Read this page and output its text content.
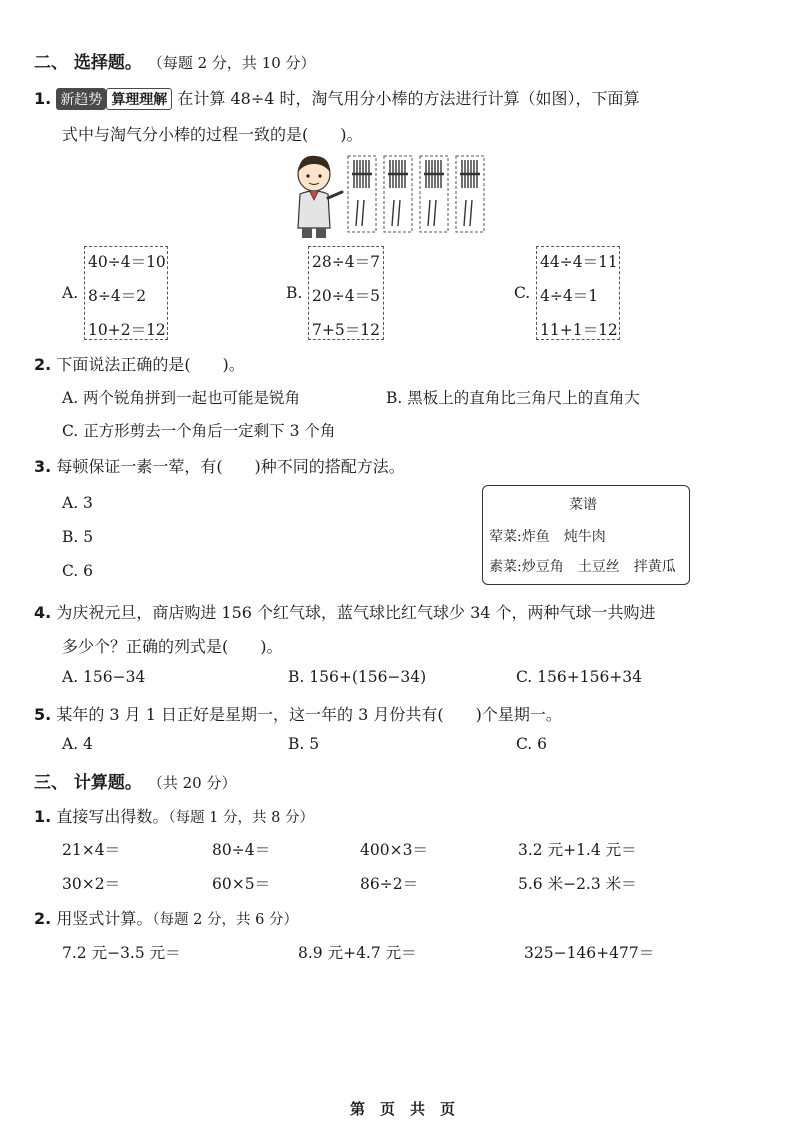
二、 选择题。 （每题 2 分，共 10 分）
1. 新趋势 算理理解 在计算 48÷4 时，淘气用分小棒的方法进行计算（如图），下面算
式中与淘气分小棒的过程一致的是(　　)。
A.
40÷4＝10
8÷4＝2
10+2＝12
B.
28÷4＝7
20÷4＝5
7+5＝12
C.
44÷4＝11
4÷4＝1
11+1＝12
2. 下面说法正确的是(　　)。
A. 两个锐角拼到一起也可能是锐角	B. 黑板上的直角比三角尺上的直角大
C. 正方形剪去一个角后一定剩下 3 个角
3. 每顿保证一素一荤，有(　　)种不同的搭配方法。
A. 3
B. 5
C. 6
菜谱
荤菜:炸鱼　炖牛肉
素菜:炒豆角　土豆丝　拌黄瓜
4. 为庆祝元旦，商店购进 156 个红气球，蓝气球比红气球少 34 个，两种气球一共购进
多少个？正确的列式是(　　)。
A. 156−34	B. 156+(156−34)	C. 156+156+34
5. 某年的 3 月 1 日正好是星期一，这一年的 3 月份共有(　　)个星期一。
A. 4	B. 5	C. 6
三、 计算题。 （共 20 分）
1. 直接写出得数。（每题 1 分，共 8 分）
21×4＝	80÷4＝	400×3＝	3.2 元+1.4 元＝
30×2＝	60×5＝	86÷2＝	5.6 米−2.3 米＝
2. 用竖式计算。（每题 2 分，共 6 分）
7.2 元−3.5 元＝	8.9 元+4.7 元＝	325−146+477＝
第　页　共　页
